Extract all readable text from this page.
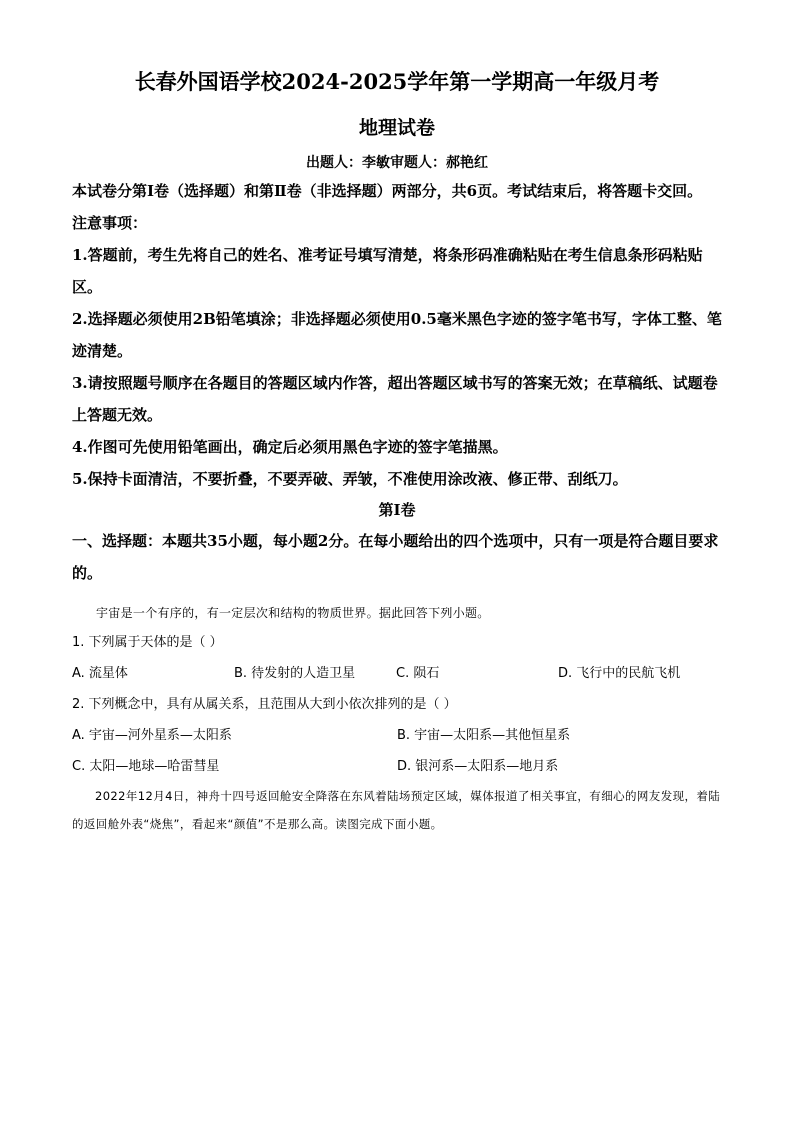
长春外国语学校2024-2025学年第一学期高一年级月考
地理试卷

出题人：李敏审题人：郝艳红

本试卷分第Ⅰ卷（选择题）和第Ⅱ卷（非选择题）两部分，共6页。考试结束后，将答题卡交回。

注意事项：

1.答题前，考生先将自己的姓名、准考证号填写清楚，将条形码准确粘贴在考生信息条形码粘贴区。

2.选择题必须使用2B铅笔填涂；非选择题必须使用0.5毫米黑色字迹的签字笔书写，字体工整、笔迹清楚。

3.请按照题号顺序在各题目的答题区域内作答，超出答题区域书写的答案无效；在草稿纸、试题卷上答题无效。

4.作图可先使用铅笔画出，确定后必须用黑色字迹的签字笔描黑。

5.保持卡面清洁，不要折叠，不要弄破、弄皱，不准使用涂改液、修正带、刮纸刀。

第Ⅰ卷

一、选择题：本题共35小题，每小题2分。在每小题给出的四个选项中，只有一项是符合题目要求的。

宇宙是一个有序的，有一定层次和结构的物质世界。据此回答下列小题。

1. 下列属于天体的是（ ）

A. 流星体	B. 待发射的人造卫星	C. 陨石	D. 飞行中的民航飞机

2. 下列概念中，具有从属关系，且范围从大到小依次排列的是（ ）

A. 宇宙—河外星系—太阳系	B. 宇宙—太阳系—其他恒星系
C. 太阳—地球—哈雷彗星	D. 银河系—太阳系—地月系

2022年12月4日，神舟十四号返回舱安全降落在东风着陆场预定区域，媒体报道了相关事宜，有细心的网友发现，着陆的返回舱外表“烧焦”，看起来“颜值”不是那么高。读图完成下面小题。
